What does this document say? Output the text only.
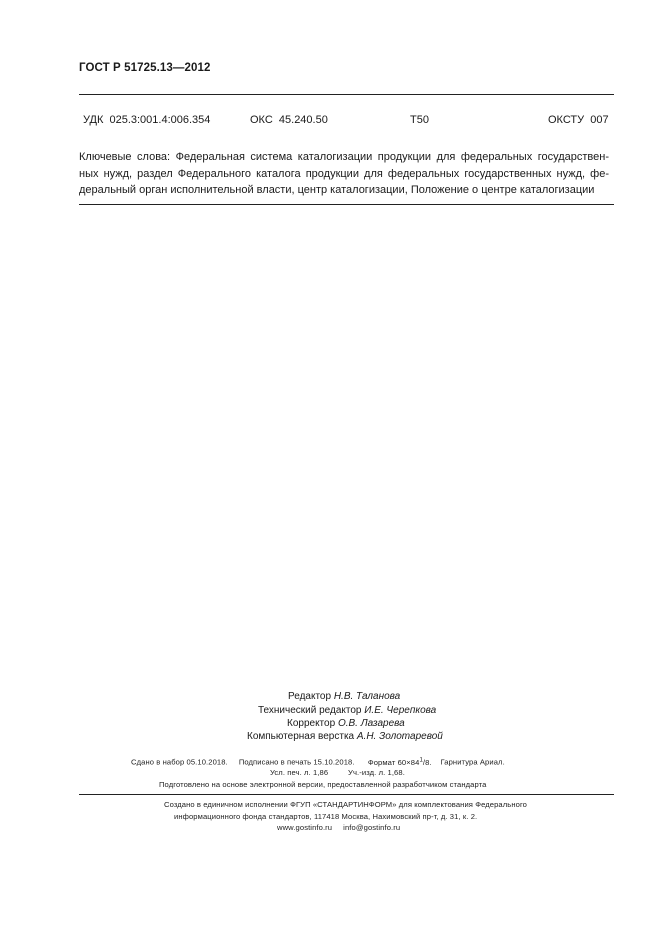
ГОСТ Р 51725.13—2012
УДК  025.3:001.4:006.354	ОКС  45.240.50	Т50	ОКСТУ  007
Ключевые слова: Федеральная система каталогизации продукции для федеральных государствен-
ных нужд, раздел Федерального каталога продукции для федеральных государственных нужд, фе-
деральный орган исполнительной власти, центр каталогизации, Положение о центре каталогизации
Редактор Н.В. Таланова
Технический редактор И.Е. Черепкова
Корректор О.В. Лазарева
Компьютерная верстка А.Н. Золотаревой
Сдано в набор 05.10.2018. Подписано в печать 15.10.2018. Формат $60\times 84^1/8$. Гарнитура Ариал.
Усл. печ. л. 1,86	Уч.-изд. л. 1,68.
Подготовлено на основе электронной версии, предоставленной разработчиком стандарта
Создано в единичном исполнении ФГУП «СТАНДАРТИНФОРМ» для комплектования Федерального
информационного фонда стандартов, 117418 Москва, Нахимовский пр-т, д. 31, к. 2.
www.gostinfo.ru info@gostinfo.ru
